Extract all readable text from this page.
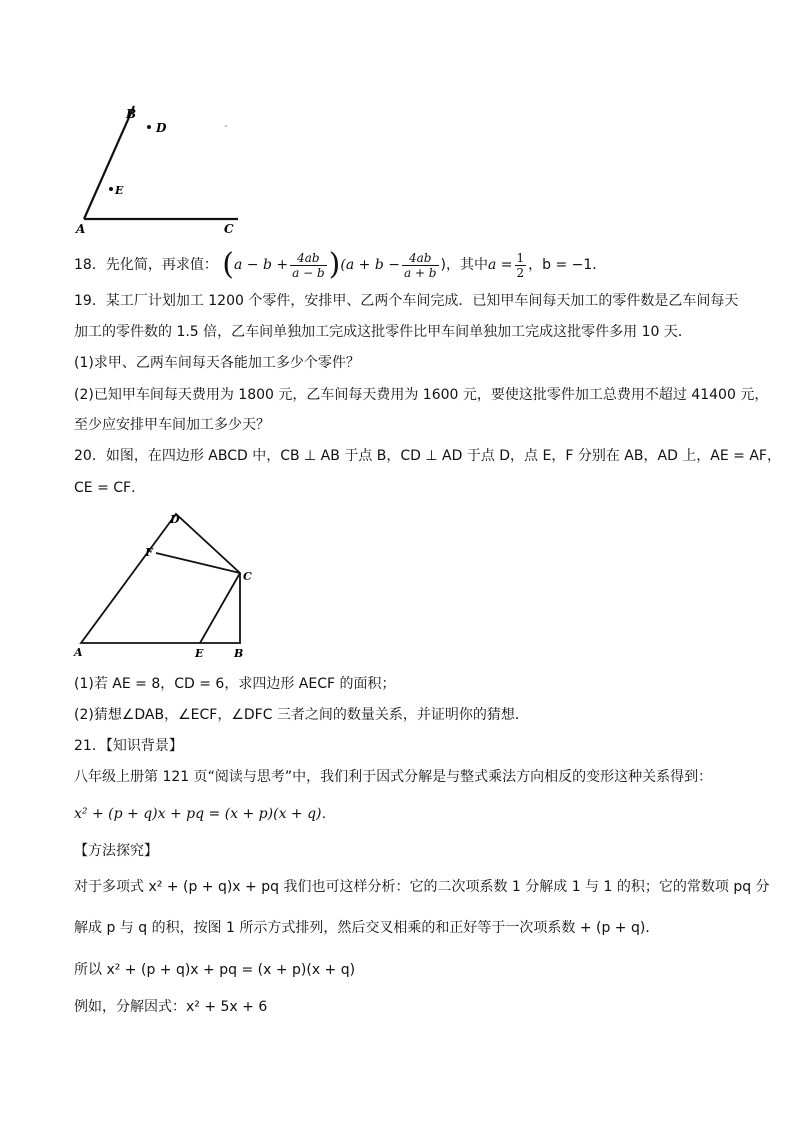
B
D
E
A	C
18．先化简，再求值： $(a - b + \frac{4ab}{a - b} )(a + b - \frac{4ab}{a + b}$ )，其中$a = \frac{1}{2}$ ，b = −1．
19．某工厂计划加工 1200 个零件，安排甲、乙两个车间完成．已知甲车间每天加工的零件数是乙车间每天
加工的零件数的 1.5 倍，乙车间单独加工完成这批零件比甲车间单独加工完成这批零件多用 10 天．
(1)求甲、乙两车间每天各能加工多少个零件？
(2)已知甲车间每天费用为 1800 元，乙车间每天费用为 1600 元，要使这批零件加工总费用不超过 41400 元，
至少应安排甲车间加工多少天？
20．如图，在四边形 ABCD 中，CB ⊥ AB 于点 B，CD ⊥ AD 于点 D，点 E，F 分别在 AB，AD 上，AE = AF，
CE = CF．
D
F
C
A	E	B
(1)若 AE = 8，CD = 6，求四边形 AECF 的面积；
(2)猜想∠DAB，∠ECF，∠DFC 三者之间的数量关系，并证明你的猜想．
21．【知识背景】
八年级上册第 121 页“阅读与思考”中，我们利于因式分解是与整式乘法方向相反的变形这种关系得到：
x² + (p + q)x + pq = (x + p)(x + q)．
【方法探究】
对于多项式 x² + (p + q)x + pq 我们也可这样分析：它的二次项系数 1 分解成 1 与 1 的积；它的常数项 pq 分
解成 p 与 q 的积，按图 1 所示方式排列，然后交叉相乘的和正好等于一次项系数 + (p + q)．
所以 x² + (p + q)x + pq = (x + p)(x + q)
例如，分解因式：x² + 5x + 6
